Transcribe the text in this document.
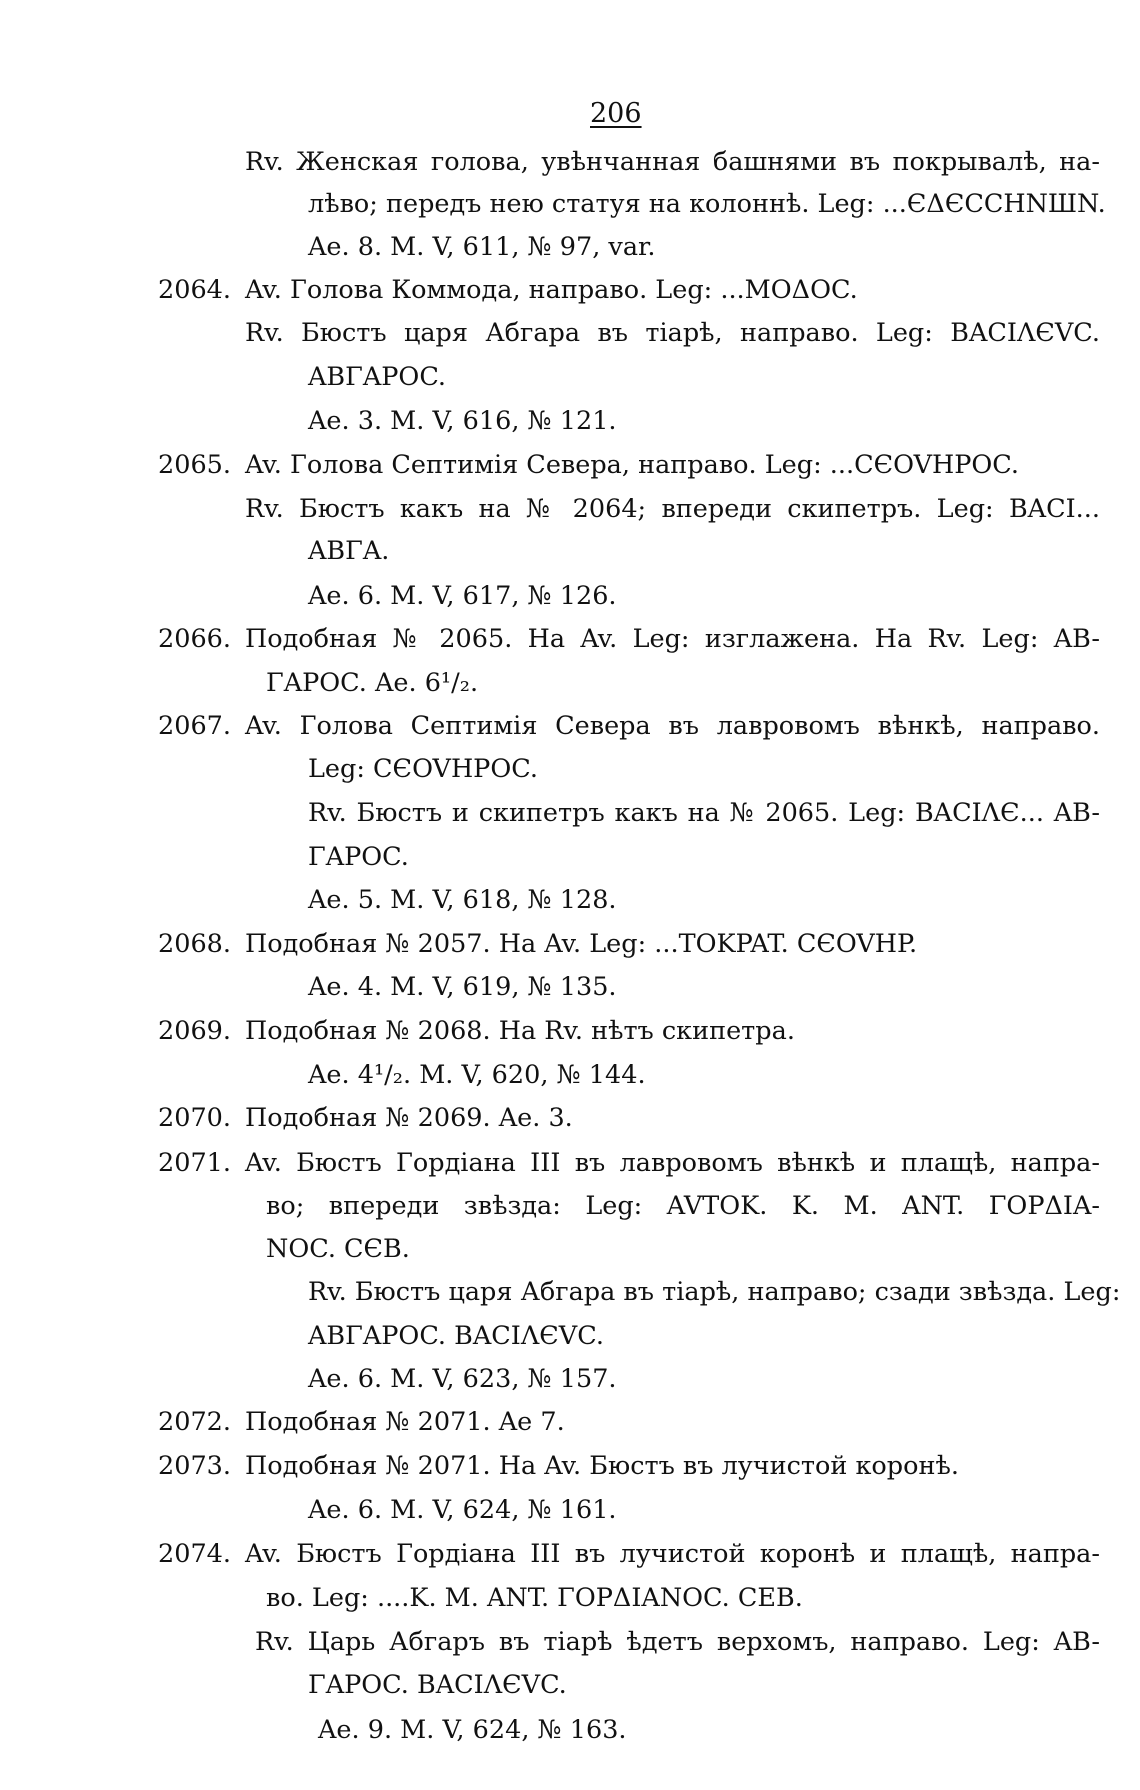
206
Rv. Женская голова, увѣнчанная башнями въ покрывалѣ, на-
лѣво; передъ нею статуя на колоннѣ. Leg: ...ЄΔЄCCHNШN.
Ae. 8. M. V, 611, № 97, var.
2064. Av. Голова Коммода, направо. Leg: ...ΜΟΔΟC.
Rv. Бюстъ царя Абгара въ тіарѣ, направо. Leg: BACIΛЄVC.
ΑΒΓΑΡΟC.
Ae. 3. M. V, 616, № 121.
2065. Av. Голова Септимія Севера, направо. Leg: ...CЄOVHPOC.
Rv. Бюстъ какъ на № 2064; впереди скипетръ. Leg: BACI...
ΑΒΓΑ.
Ae. 6. M. V, 617, № 126.
2066. Подобная № 2065. На Av. Leg: изглажена. На Rv. Leg: AB-
ΓΑΡΟC. Ae. 6¹/₂.
2067. Av. Голова Септимія Севера въ лавровомъ вѣнкѣ, направо.
Leg: CЄOVHPOC.
Rv. Бюстъ и скипетръ какъ на № 2065. Leg: BACIΛЄ... AB-
ΓΑΡΟC.
Ae. 5. M. V, 618, № 128.
2068. Подобная № 2057. На Av. Leg: ...TOKPAT. CЄOVHP.
Ae. 4. M. V, 619, № 135.
2069. Подобная № 2068. На Rv. нѣтъ скипетра.
Ae. 4¹/₂. M. V, 620, № 144.
2070. Подобная № 2069. Ae. 3.
2071. Av. Бюстъ Гордіана III въ лавровомъ вѣнкѣ и плащѣ, напра-
во; впереди звѣзда: Leg: AVTOK. K. M. ANT. ΓΟΡΔΙΑ-
NOC. CЄB.
Rv. Бюстъ царя Абгара въ тіарѣ, направо; сзади звѣзда. Leg:
ΑΒΓΑΡΟC. BACIΛЄVC.
Ae. 6. M. V, 623, № 157.
2072. Подобная № 2071. Ae 7.
2073. Подобная № 2071. На Av. Бюстъ въ лучистой коронѣ.
Ae. 6. M. V, 624, № 161.
2074. Av. Бюстъ Гордіана III въ лучистой коронѣ и плащѣ, напра-
во. Leg: ....K. M. ANT. ΓΟΡΔΙΑΝΟC. CEB.
Rv. Царь Абгаръ въ тіарѣ ѣдетъ верхомъ, направо. Leg: AB-
ΓΑΡΟC. BACIΛЄVC.
Ae. 9. M. V, 624, № 163.
